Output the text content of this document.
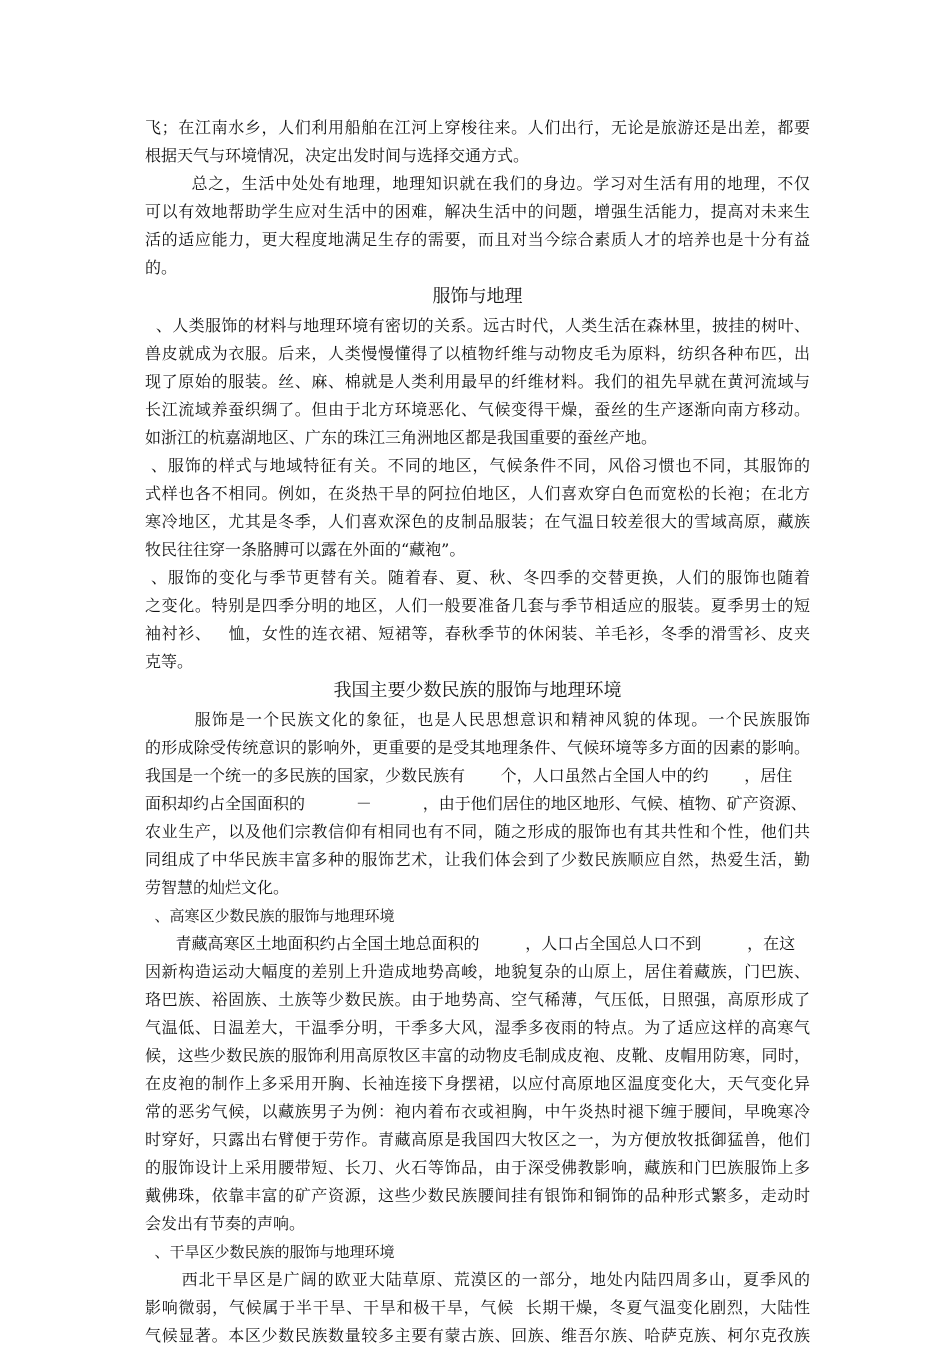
飞；在江南水乡，人们利用船舶在江河上穿梭往来。人们出行，无论是旅游还是出差，都要
根据天气与环境情况，决定出发时间与选择交通方式。
总之，生活中处处有地理，地理知识就在我们的身边。学习对生活有用的地理，不仅
可以有效地帮助学生应对生活中的困难，解决生活中的问题，增强生活能力，提高对未来生
活的适应能力，更大程度地满足生存的需要，而且对当今综合素质人才的培养也是十分有益
的。
服饰与地理
、人类服饰的材料与地理环境有密切的关系。远古时代，人类生活在森林里，披挂的树叶、
兽皮就成为衣服。后来，人类慢慢懂得了以植物纤维与动物皮毛为原料，纺织各种布匹，出
现了原始的服装。丝、麻、棉就是人类利用最早的纤维材料。我们的祖先早就在黄河流域与
长江流域养蚕织绸了。但由于北方环境恶化、气候变得干燥，蚕丝的生产逐渐向南方移动。
如浙江的杭嘉湖地区、广东的珠江三角洲地区都是我国重要的蚕丝产地。
、服饰的样式与地域特征有关。不同的地区，气候条件不同，风俗习惯也不同，其服饰的
式样也各不相同。例如，在炎热干旱的阿拉伯地区，人们喜欢穿白色而宽松的长袍；在北方
寒冷地区，尤其是冬季，人们喜欢深色的皮制品服装；在气温日较差很大的雪域高原，藏族
牧民往往穿一条胳膊可以露在外面的“藏袍”。
、服饰的变化与季节更替有关。随着春、夏、秋、冬四季的交替更换，人们的服饰也随着
之变化。特别是四季分明的地区，人们一般要准备几套与季节相适应的服装。夏季男士的短
袖衬衫、   恤，女性的连衣裙、短裙等，春秋季节的休闲装、羊毛衫，冬季的滑雪衫、皮夹
克等。
我国主要少数民族的服饰与地理环境
服饰是一个民族文化的象征，也是人民思想意识和精神风貌的体现。一个民族服饰
的形成除受传统意识的影响外，更重要的是受其地理条件、气候环境等多方面的因素的影响。
我国是一个统一的多民族的国家，少数民族有       个，人口虽然占全国人中的约       ，居住
面积却约占全国面积的          －          ，由于他们居住的地区地形、气候、植物、矿产资源、
农业生产，以及他们宗教信仰有相同也有不同，随之形成的服饰也有其共性和个性，他们共
同组成了中华民族丰富多种的服饰艺术，让我们体会到了少数民族顺应自然，热爱生活，勤
劳智慧的灿烂文化。
、高寒区少数民族的服饰与地理环境
青藏高寒区土地面积约占全国土地总面积的         ，人口占全国总人口不到         ，在这
因新构造运动大幅度的差别上升造成地势高峻，地貌复杂的山原上，居住着藏族，门巴族、
珞巴族、裕固族、土族等少数民族。由于地势高、空气稀薄，气压低，日照强，高原形成了
气温低、日温差大，干温季分明，干季多大风，湿季多夜雨的特点。为了适应这样的高寒气
候，这些少数民族的服饰利用高原牧区丰富的动物皮毛制成皮袍、皮靴、皮帽用防寒，同时，
在皮袍的制作上多采用开胸、长袖连接下身摆裙，以应付高原地区温度变化大，天气变化异
常的恶劣气候，以藏族男子为例：袍内着布衣或袒胸，中午炎热时褪下缠于腰间，早晚寒冷
时穿好，只露出右臂便于劳作。青藏高原是我国四大牧区之一，为方便放牧抵御猛兽，他们
的服饰设计上采用腰带短、长刀、火石等饰品，由于深受佛教影响，藏族和门巴族服饰上多
戴佛珠，依靠丰富的矿产资源，这些少数民族腰间挂有银饰和铜饰的品种形式繁多，走动时
会发出有节奏的声响。
、干旱区少数民族的服饰与地理环境
西北干旱区是广阔的欧亚大陆草原、荒漠区的一部分，地处内陆四周多山，夏季风的
影响微弱，气候属于半干旱、干旱和极干旱，气候  长期干燥，冬夏气温变化剧烈，大陆性
气候显著。本区少数民族数量较多主要有蒙古族、回族、维吾尔族、哈萨克族、柯尔克孜族
